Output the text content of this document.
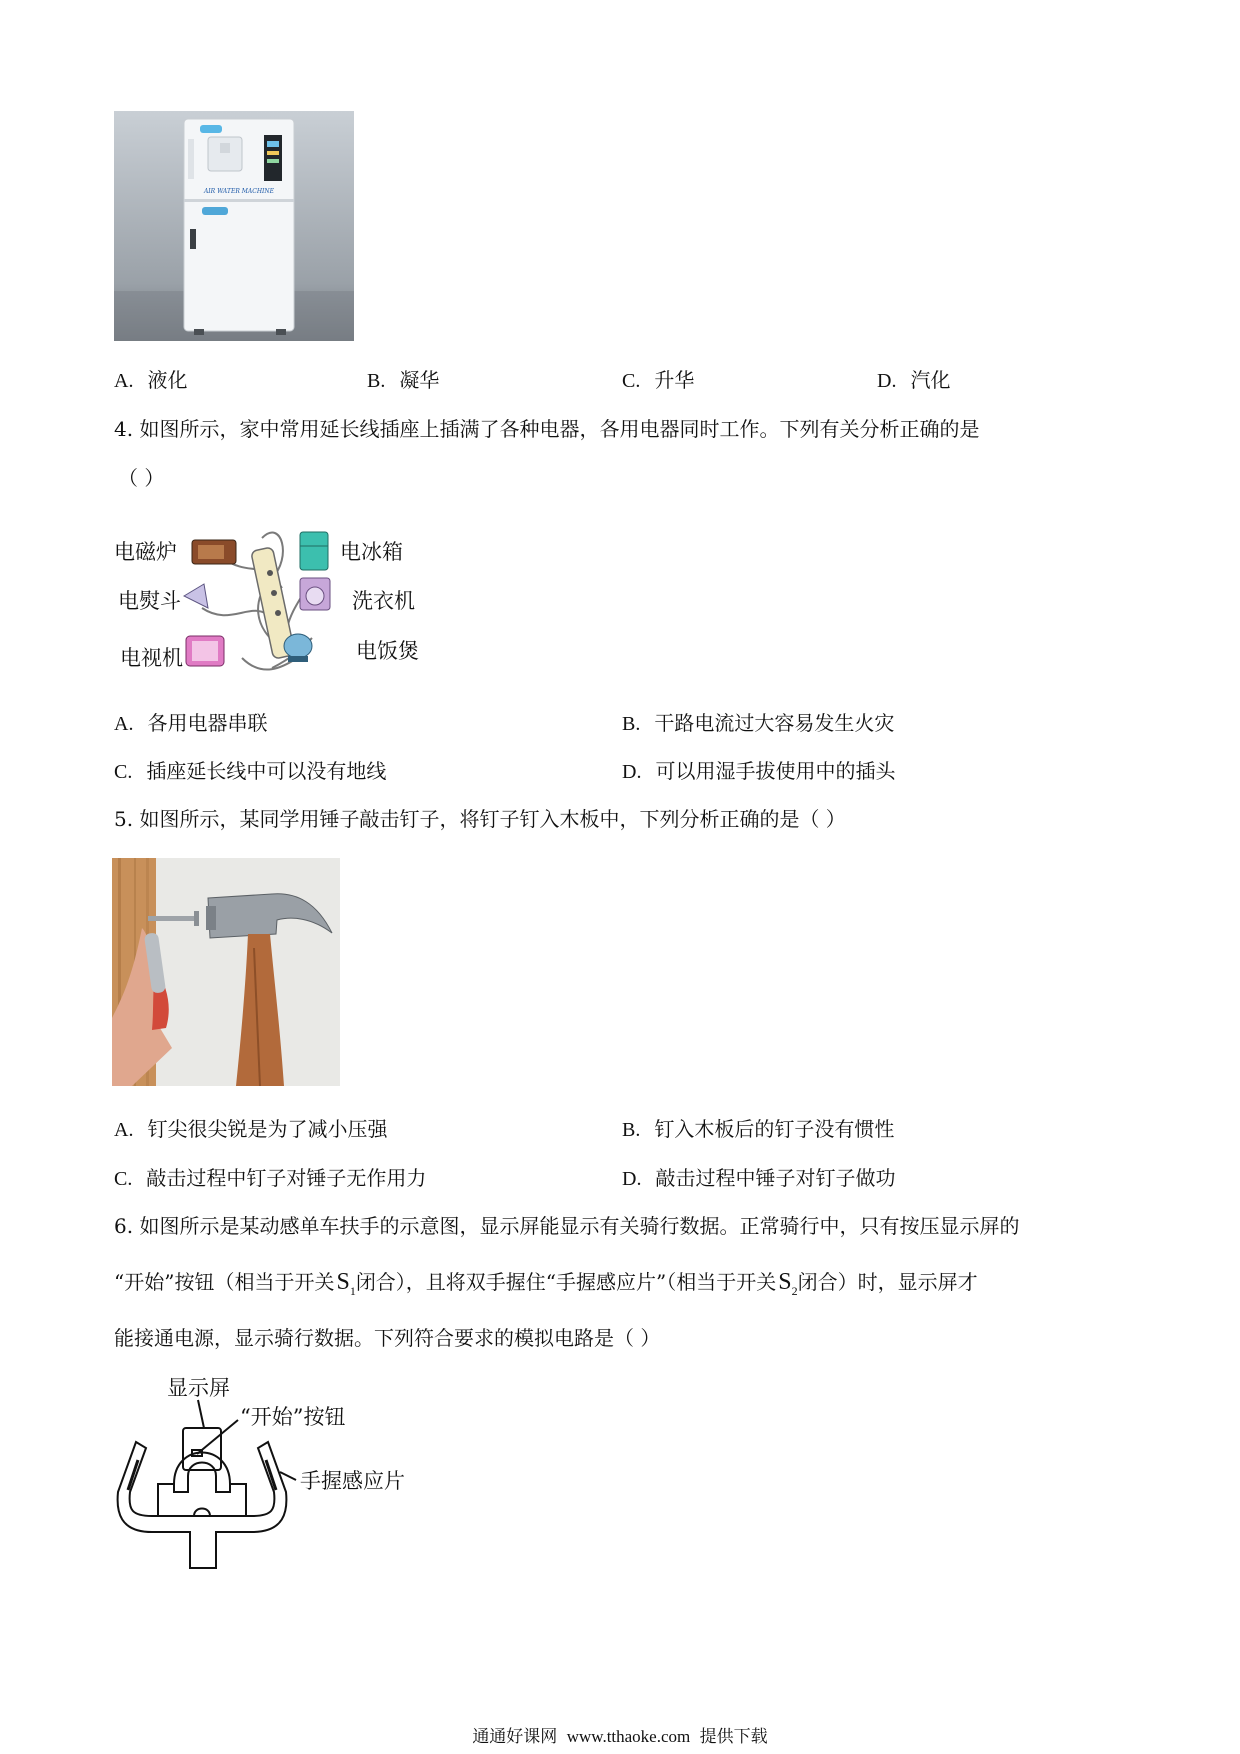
AIR WATER MACHINE
A. 液化	B. 凝华	C. 升华	D. 汽化
4. 如图所示，家中常用延长线插座上插满了各种电器，各用电器同时工作。下列有关分析正确的是
（ ）
电磁炉	电冰箱
电熨斗	洗衣机
电视机	电饭煲
A. 各用电器串联	B. 干路电流过大容易发生火灾
C. 插座延长线中可以没有地线	D. 可以用湿手拔使用中的插头
5. 如图所示，某同学用锤子敲击钉子，将钉子钉入木板中，下列分析正确的是（ ）
A. 钉尖很尖锐是为了减小压强	B. 钉入木板后的钉子没有惯性
C. 敲击过程中钉子对锤子无作用力	D. 敲击过程中锤子对钉子做功
6. 如图所示是某动感单车扶手的示意图，显示屏能显示有关骑行数据。正常骑行中，只有按压显示屏的
“开始”按钮（相当于开关$S_1$闭合），且将双手握住“手握感应片”（相当于开关$S_2$闭合）时，显示屏才
能接通电源，显示骑行数据。下列符合要求的模拟电路是（ ）
显示屏
“开始”按钮
手握感应片
通通好课网 www.tthaoke.com 提供下载
